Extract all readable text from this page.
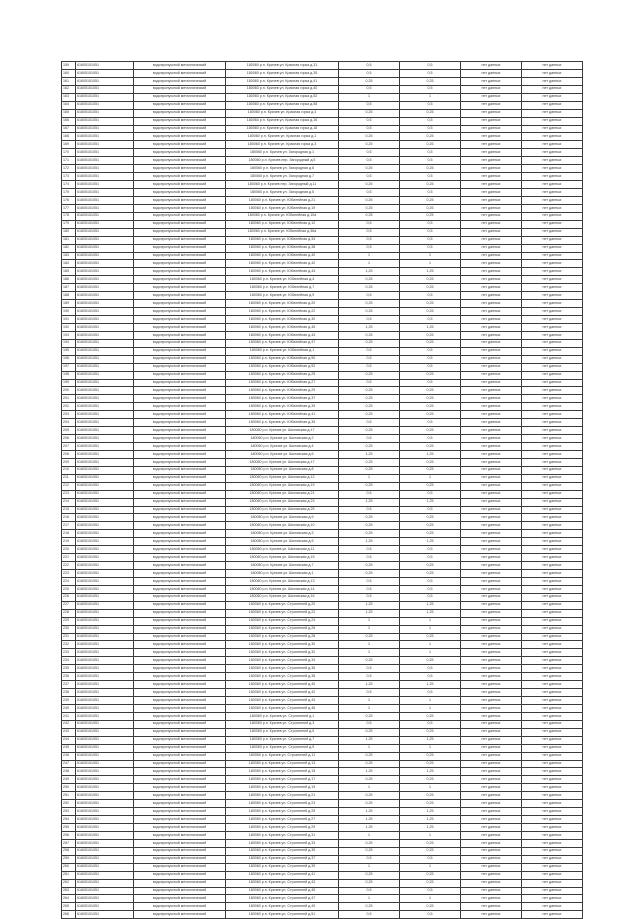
159	61605151051	водопропускной металлический	180060 р.п. Кричев ул. Красная горка д.31	0,5	0,5	нет данных	нет данных
160	61605151051	водопропускной металлический	180060 р.п. Кричев ул. Красная горка д.35	0,5	0,5	нет данных	нет данных
161	61605151051	водопропускной металлический	180060 р.п. Кричев ул. Красная горка д.41	0,25	0,25	нет данных	нет данных
162	61605151051	водопропускной металлический	180060 р.п. Кричев ул. Красная горка д.40	0,5	0,5	нет данных	нет данных
163	61605151051	водопропускной металлический	180060 р.п. Кричев ул. Красная горка д.52	1	1	нет данных	нет данных
164	61605151051	водопропускной металлический	180060 р.п. Кричев ул. Красная горка д.58	0,5	0,5	нет данных	нет данных
165	61605151051	водопропускной металлический	180060 р.п. Кричев ул. Красная горка д.4	0,25	0,25	нет данных	нет данных
166	61605151051	водопропускной металлический	180060 р.п. Кричев ул. Красная горка д.16	0,5	0,5	нет данных	нет данных
167	61605151051	водопропускной металлический	180060 р.п. Кричев ул. Красная горка д.18	0,5	0,5	нет данных	нет данных
168	61605151051	водопропускной металлический	180060 р.п. Кричев ул. Красная горка д.1	0,25	0,25	нет данных	нет данных
169	61605151051	водопропускной металлический	180060 р.п. Кричев ул. Красная горка д.3	0,25	0,25	нет данных	нет данных
170	61605151051	водопропускной металлический	180060 р.п. Кричев ул. Загородная д.1	0,5	0,5	нет данных	нет данных
171	61605151051	водопропускной металлический	180060 р.п. Кричев пер. Загородный д.5	0,5	0,5	нет данных	нет данных
172	61605151051	водопропускной металлический	180060 р.п. Кричев ул. Загородная д.6	0,25	0,25	нет данных	нет данных
173	61605151051	водопропускной металлический	180060 р.п. Кричев ул. Загородная д.7	0,5	0,5	нет данных	нет данных
174	61605151051	водопропускной металлический	180060 р.п. Кричев пер. Загородный д.11	0,25	0,25	нет данных	нет данных
175	61605151051	водопропускной металлический	180060 р.п. Кричев ул. Загородная д.5	0,5	0,5	нет данных	нет данных
176	61605151051	водопропускной металлический	180060 р.п. Кричев ул. Юбилейная д.21	0,25	0,25	нет данных	нет данных
177	61605151051	водопропускной металлический	180060 р.п. Кричев ул. Юбилейная д.19	0,25	0,25	нет данных	нет данных
178	61605151051	водопропускной металлический	180060 р.п. Кричев ул. Юбилейная д.10а	0,25	0,25	нет данных	нет данных
179	61605151051	водопропускной металлический	180060 р.п. Кричев ул. Юбилейная д.12	0,5	0,5	нет данных	нет данных
180	61605151051	водопропускной металлический	180060 р.п. Кричев ул. Юбилейная д.36а	0,5	0,5	нет данных	нет данных
181	61605151051	водопропускной металлический	180060 р.п. Кричев ул. Юбилейная д.34	0,5	0,5	нет данных	нет данных
182	61605151051	водопропускной металлический	180060 р.п. Кричев ул. Юбилейная д.38	0,5	0,5	нет данных	нет данных
183	61605151051	водопропускной металлический	180060 р.п. Кричев ул. Юбилейная д.40	1	1	нет данных	нет данных
184	61605151051	водопропускной металлический	180060 р.п. Кричев ул. Юбилейная д.42	1	1	нет данных	нет данных
185	61605151051	водопропускной металлический	180060 р.п. Кричев ул. Юбилейная д.44	1,25	1,25	нет данных	нет данных
186	61605151051	водопропускной металлический	180060 р.п. Кричев ул. Юбилейная д.4	0,25	0,25	нет данных	нет данных
187	61605151051	водопропускной металлический	180060 р.п. Кричев ул. Юбилейная д.7	0,25	0,25	нет данных	нет данных
188	61605151051	водопропускной металлический	180060 р.п. Кричев ул. Юбилейная д.9	0,5	0,5	нет данных	нет данных
189	61605151051	водопропускной металлический	180060 р.п. Кричев ул. Юбилейная д.20	0,25	0,25	нет данных	нет данных
190	61605151051	водопропускной металлический	180060 р.п. Кричев ул. Юбилейная д.22	0,25	0,25	нет данных	нет данных
191	61605151051	водопропускной металлический	180060 р.п. Кричев ул. Юбилейная д.30	0,5	0,5	нет данных	нет данных
192	61605151051	водопропускной металлический	180060 р.п. Кричев ул. Юбилейная д.45	1,25	1,25	нет данных	нет данных
193	61605151051	водопропускной металлический	180060 р.п. Кричев ул. Юбилейная д.43	0,25	0,25	нет данных	нет данных
194	61605151051	водопропускной металлический	180060 р.п. Кричев ул. Юбилейная д.47	0,25	0,25	нет данных	нет данных
195	61605151051	водопропускной металлический	180060 р.п. Кричев ул. Юбилейная д.1	0,5	0,5	нет данных	нет данных
196	61605151051	водопропускной металлический	180060 р.п. Кричев ул. Юбилейная д.50	0,5	0,5	нет данных	нет данных
197	61605151051	водопропускной металлический	180060 р.п. Кричев ул. Юбилейная д.52	0,5	0,5	нет данных	нет данных
198	61605151051	водопропускной металлический	180060 р.п. Кричев ул. Юбилейная д.25	0,25	0,25	нет данных	нет данных
199	61605151051	водопропускной металлический	180060 р.п. Кричев ул. Юбилейная д.27	0,5	0,5	нет данных	нет данных
200	61605151051	водопропускной металлический	180060 р.п. Кричев ул. Юбилейная д.29	0,25	0,25	нет данных	нет данных
201	61605151051	водопропускной металлический	180060 р.п. Кричев ул. Юбилейная д.37	0,25	0,25	нет данных	нет данных
202	61605151051	водопропускной металлический	180060 р.п. Кричев ул. Юбилейная д.39	0,25	0,25	нет данных	нет данных
203	61605151051	водопропускной металлический	180060 р.п. Кричев ул. Юбилейная д.41	0,25	0,25	нет данных	нет данных
204	61605151051	водопропускной металлический	180060 р.п. Кричев ул. Юбилейная д.35	0,5	0,5	нет данных	нет данных
205	61605151051	водопропускной металлический	180060 р.п. Кричев ул. Шкловская д.17	0,25	0,25	нет данных	нет данных
206	61605151051	водопропускной металлический	180060 р.п. Кричев ул. Шкловская д.2	0,5	0,5	нет данных	нет данных
207	61605151051	водопропускной металлический	180060 р.п. Кричев ул. Шкловская д.4	0,25	0,25	нет данных	нет данных
208	61605151051	водопропускной металлический	180060 р.п. Кричев ул. Шкловская д.6	1,25	1,25	нет данных	нет данных
209	61605151051	водопропускной металлический	180060 р.п. Кричев ул. Шкловская д.17	0,25	0,25	нет данных	нет данных
210	61605151051	водопропускной металлический	180060 р.п. Кричев ул. Шкловская д.8	0,25	0,25	нет данных	нет данных
211	61605151051	водопропускной металлический	180060 р.п. Кричев ул. Шкловская д.12	1	1	нет данных	нет данных
212	61605151051	водопропускной металлический	180060 р.п. Кричев ул. Шкловская д.19	0,25	0,25	нет данных	нет данных
213	61605151051	водопропускной металлический	180060 р.п. Кричев ул. Шкловская д.21	0,5	0,5	нет данных	нет данных
214	61605151051	водопропускной металлический	180060 р.п. Кричев ул. Шкловская д.23	1,25	1,25	нет данных	нет данных
215	61605151051	водопропускной металлический	180060 р.п. Кричев ул. Шкловская д.25	0,5	0,5	нет данных	нет данных
216	61605151051	водопропускной металлический	180060 р.п. Кричев ул. Шкловская д.9	0,25	0,25	нет данных	нет данных
217	61605151051	водопропускной металлический	180060 р.п. Кричев ул. Шкловская д.10	0,25	0,25	нет данных	нет данных
218	61605151051	водопропускной металлический	180060 р.п. Кричев ул. Шкловская д.3	0,25	0,25	нет данных	нет данных
219	61605151051	водопропускной металлический	180060 р.п. Кричев ул. Шкловская д.5	1,25	1,25	нет данных	нет данных
220	61605151051	водопропускной металлический	180060 р.п. Кричев ул. Шкловская д.11	0,5	0,5	нет данных	нет данных
221	61605151051	водопропускной металлический	180060 р.п. Кричев ул. Шкловская д.15	0,5	0,5	нет данных	нет данных
222	61605151051	водопропускной металлический	180060 р.п. Кричев ул. Шкловская д.7	0,25	0,25	нет данных	нет данных
223	61605151051	водопропускной металлический	180060 р.п. Кричев ул. Шкловская д.1	0,25	0,25	нет данных	нет данных
224	61605151051	водопропускной металлический	180060 р.п. Кричев ул. Шкловская д.13	0,5	0,5	нет данных	нет данных
225	61605151051	водопропускной металлический	180060 р.п. Кричев ул. Шкловская д.14	0,5	0,5	нет данных	нет данных
226	61605151051	водопропускной металлический	180060 р.п. Кричев ул. Шкловская д.16	0,5	0,5	нет данных	нет данных
227	61605151051	водопропускной металлический	180060 р.п. Кричев ул. Строителей д.20	1,25	1,25	нет данных	нет данных
228	61605151051	водопропускной металлический	180060 р.п. Кричев ул. Строителей д.22	1,25	1,25	нет данных	нет данных
229	61605151051	водопропускной металлический	180060 р.п. Кричев ул. Строителей д.24	1	1	нет данных	нет данных
230	61605151051	водопропускной металлический	180060 р.п. Кричев ул. Строителей д.26	1	1	нет данных	нет данных
231	61605151051	водопропускной металлический	180060 р.п. Кричев ул. Строителей д.28	0,25	0,25	нет данных	нет данных
232	61605151051	водопропускной металлический	180060 р.п. Кричев ул. Строителей д.30	1	1	нет данных	нет данных
233	61605151051	водопропускной металлический	180060 р.п. Кричев ул. Строителей д.32	1	1	нет данных	нет данных
234	61605151051	водопропускной металлический	180060 р.п. Кричев ул. Строителей д.34	0,25	0,25	нет данных	нет данных
235	61605151051	водопропускной металлический	180060 р.п. Кричев ул. Строителей д.36	0,5	0,5	нет данных	нет данных
236	61605151051	водопропускной металлический	180060 р.п. Кричев ул. Строителей д.38	0,5	0,5	нет данных	нет данных
237	61605151051	водопропускной металлический	180060 р.п. Кричев ул. Строителей д.40	1,25	1,25	нет данных	нет данных
238	61605151051	водопропускной металлический	180060 р.п. Кричев ул. Строителей д.42	0,5	0,5	нет данных	нет данных
239	61605151051	водопропускной металлический	180060 р.п. Кричев ул. Строителей д.44	1	1	нет данных	нет данных
240	61605151051	водопропускной металлический	180060 р.п. Кричев ул. Строителей д.46	1	1	нет данных	нет данных
241	61605151051	водопропускной металлический	180060 р.п. Кричев ул. Строителей д.1	0,25	0,25	нет данных	нет данных
242	61605151051	водопропускной металлический	180060 р.п. Кричев ул. Строителей д.3	0,5	0,5	нет данных	нет данных
243	61605151051	водопропускной металлический	180060 р.п. Кричев ул. Строителей д.5	0,25	0,25	нет данных	нет данных
244	61605151051	водопропускной металлический	180060 р.п. Кричев ул. Строителей д.7	1,25	1,25	нет данных	нет данных
245	61605151051	водопропускной металлический	180060 р.п. Кричев ул. Строителей д.9	1	1	нет данных	нет данных
246	61605151051	водопропускной металлический	180060 р.п. Кричев ул. Строителей д.11	0,25	0,25	нет данных	нет данных
247	61605151051	водопропускной металлический	180060 р.п. Кричев ул. Строителей д.13	0,25	0,25	нет данных	нет данных
248	61605151051	водопропускной металлический	180060 р.п. Кричев ул. Строителей д.15	1,25	1,25	нет данных	нет данных
249	61605151051	водопропускной металлический	180060 р.п. Кричев ул. Строителей д.17	0,25	0,25	нет данных	нет данных
250	61605151051	водопропускной металлический	180060 р.п. Кричев ул. Строителей д.19	1	1	нет данных	нет данных
251	61605151051	водопропускной металлический	180060 р.п. Кричев ул. Строителей д.21	0,25	0,25	нет данных	нет данных
252	61605151051	водопропускной металлический	180060 р.п. Кричев ул. Строителей д.23	0,25	0,25	нет данных	нет данных
253	61605151051	водопропускной металлический	180060 р.п. Кричев ул. Строителей д.25	1,25	1,25	нет данных	нет данных
254	61605151051	водопропускной металлический	180060 р.п. Кричев ул. Строителей д.27	1,25	1,25	нет данных	нет данных
255	61605151051	водопропускной металлический	180060 р.п. Кричев ул. Строителей д.29	1,25	1,25	нет данных	нет данных
256	61605151051	водопропускной металлический	180060 р.п. Кричев ул. Строителей д.31	1	1	нет данных	нет данных
257	61605151051	водопропускной металлический	180060 р.п. Кричев ул. Строителей д.33	0,25	0,25	нет данных	нет данных
258	61605151051	водопропускной металлический	180060 р.п. Кричев ул. Строителей д.35	0,25	0,25	нет данных	нет данных
259	61605151051	водопропускной металлический	180060 р.п. Кричев ул. Строителей д.37	0,5	0,5	нет данных	нет данных
260	61605151051	водопропускной металлический	180060 р.п. Кричев ул. Строителей д.39	1	1	нет данных	нет данных
261	61605151051	водопропускной металлический	180060 р.п. Кричев ул. Строителей д.41	0,25	0,25	нет данных	нет данных
262	61605151051	водопропускной металлический	180060 р.п. Кричев ул. Строителей д.43	0,25	0,25	нет данных	нет данных
263	61605151051	водопропускной металлический	180060 р.п. Кричев ул. Строителей д.45	0,5	0,5	нет данных	нет данных
264	61605151051	водопропускной металлический	180060 р.п. Кричев ул. Строителей д.47	1	1	нет данных	нет данных
265	61605151051	водопропускной металлический	180060 р.п. Кричев ул. Строителей д.49	0,25	0,25	нет данных	нет данных
266	61605151051	водопропускной металлический	180060 р.п. Кричев ул. Строителей д.51	0,5	0,5	нет данных	нет данных
